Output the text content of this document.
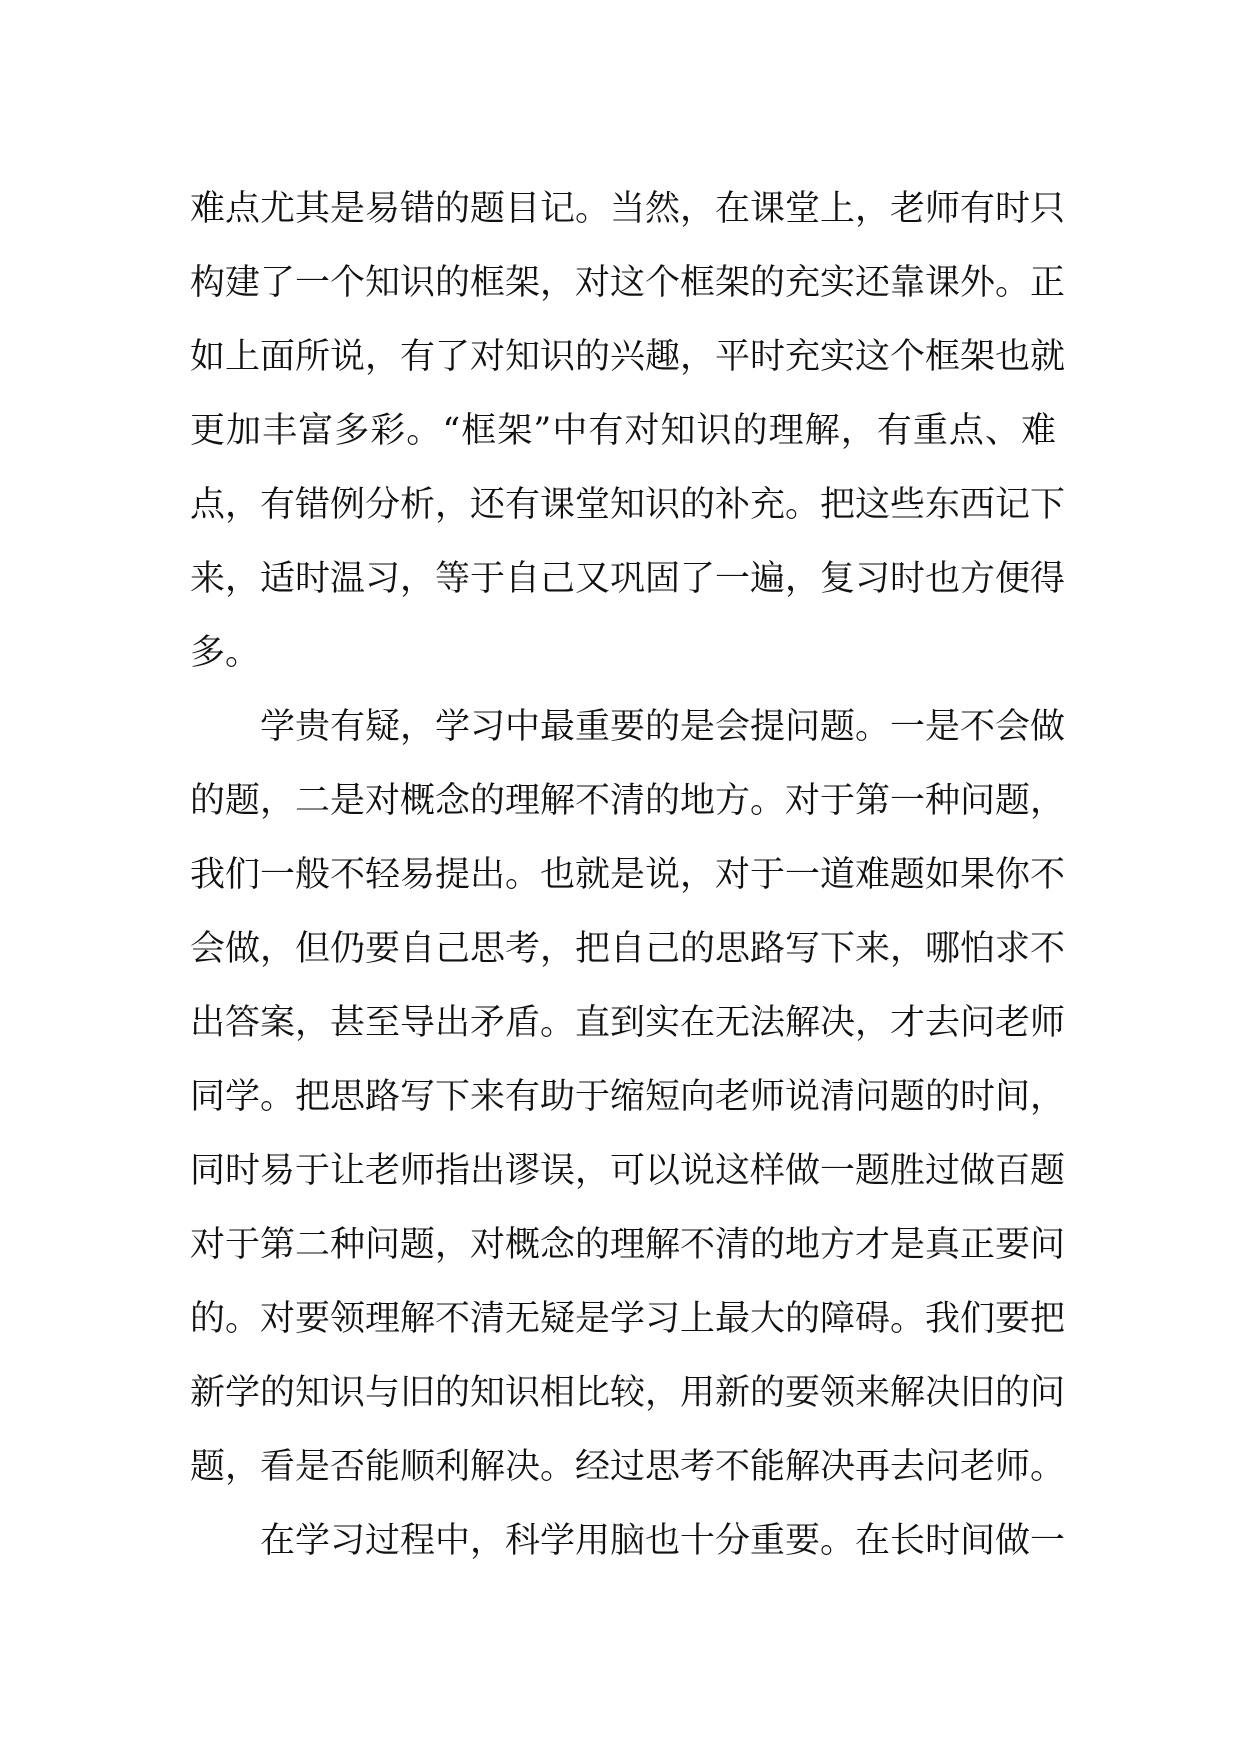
难点尤其是易错的题目记。当然，在课堂上，老师有时只
构建了一个知识的框架，对这个框架的充实还靠课外。正
如上面所说，有了对知识的兴趣，平时充实这个框架也就
更加丰富多彩。“框架”中有对知识的理解，有重点、难
点，有错例分析，还有课堂知识的补充。把这些东西记下
来，适时温习，等于自己又巩固了一遍，复习时也方便得
多。
学贵有疑，学习中最重要的是会提问题。一是不会做
的题，二是对概念的理解不清的地方。对于第一种问题，
我们一般不轻易提出。也就是说，对于一道难题如果你不
会做，但仍要自己思考，把自己的思路写下来，哪怕求不
出答案，甚至导出矛盾。直到实在无法解决，才去问老师
同学。把思路写下来有助于缩短向老师说清问题的时间，
同时易于让老师指出谬误，可以说这样做一题胜过做百题
对于第二种问题，对概念的理解不清的地方才是真正要问
的。对要领理解不清无疑是学习上最大的障碍。我们要把
新学的知识与旧的知识相比较，用新的要领来解决旧的问
题，看是否能顺利解决。经过思考不能解决再去问老师。
在学习过程中，科学用脑也十分重要。在长时间做一
